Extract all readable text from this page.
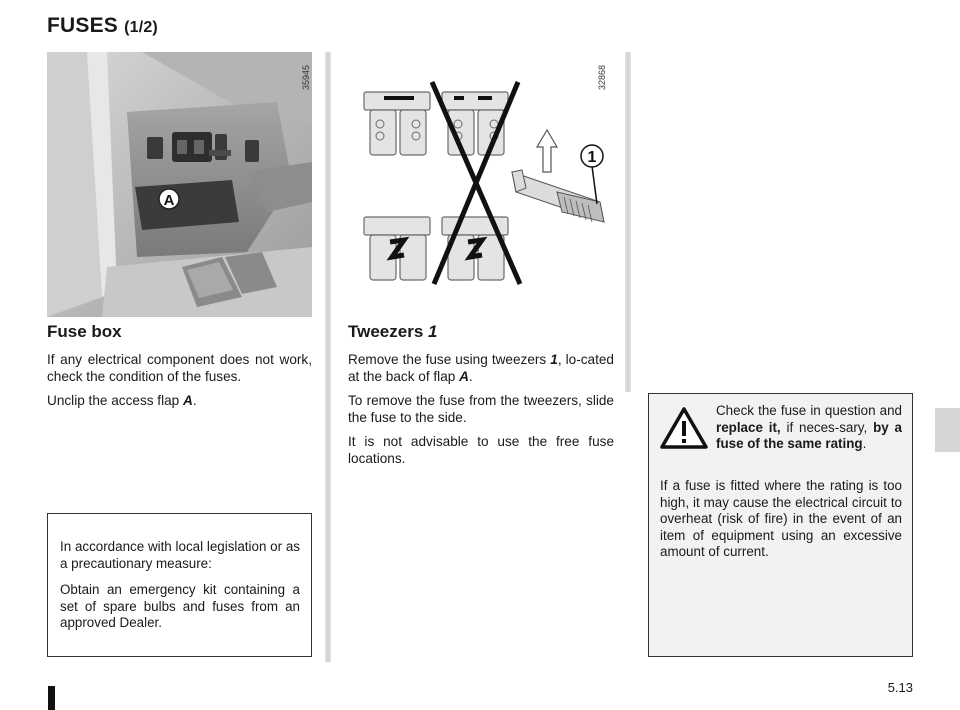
FUSES (1/2)
A
35945
1
32868
Fuse box

If any electrical component does not work, check the condition of the fuses.

Unclip the access flap A.

Tweezers 1

Remove the fuse using tweezers 1, lo-cated at the back of flap A.

To remove the fuse from the tweezers, slide the fuse to the side.

It is not advisable to use the free fuse locations.

Check the fuse in question and replace it, if neces-sary, by a fuse of the same rating.

If a fuse is fitted where the rating is too high, it may cause the electrical circuit to overheat (risk of fire) in the event of an item of equipment using an excessive amount of current.

In accordance with local legislation or as a precautionary measure:

Obtain an emergency kit containing a set of spare bulbs and fuses from an approved Dealer.

5.13
